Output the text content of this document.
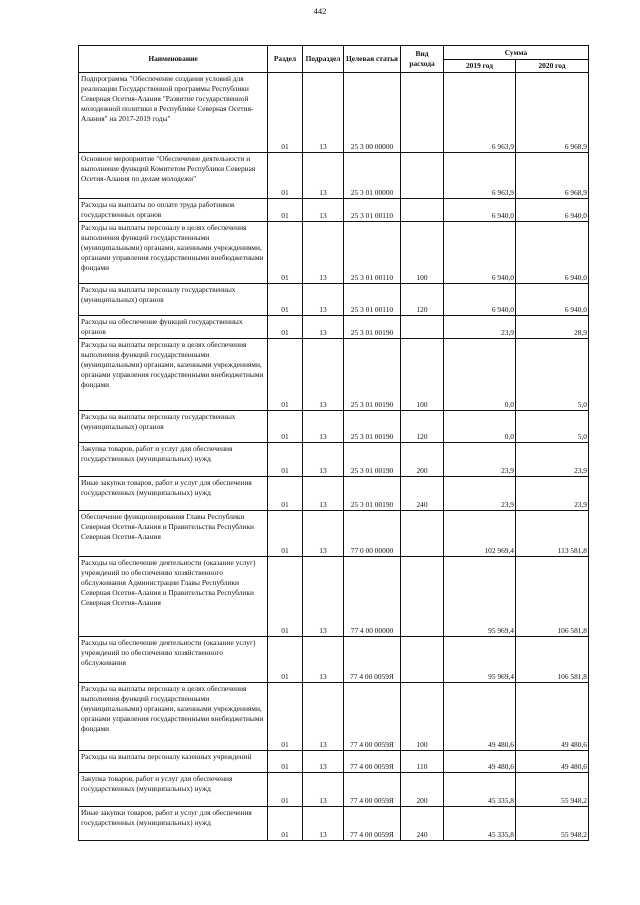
442
Наименование	Раздел	Подраздел	Целевая статья	Вид расхода	Сумма	
					2019 год	2020 год
Подпрограмма "Обеспечение создания условий для реализации Государственной программы Республики Северная Осетия-Алания "Развитие государственной молодежной политики в Республике Северная Осетия-Алания" на 2017-2019 годы"	01	13	25 3 00 00000		6 963,9	6 968,9
Основное мероприятие "Обеспечение деятельности и выполнение функций Комитетом Республики Северная Осетия-Алания по делам молодежи"	01	13	25 3 01 00000		6 963,9	6 968,9
Расходы на выплаты по оплате труда работников государственных органов	01	13	25 3 01 00110		6 940,0	6 940,0
Расходы на выплаты персоналу в целях обеспечения выполнения функций государственными (муниципальными) органами, казенными учреждениями, органами управления государственными внебюджетными фондами	01	13	25 3 01 00110	100	6 940,0	6 940,0
Расходы на выплаты персоналу государственных (муниципальных) органов	01	13	25 3 01 00110	120	6 940,0	6 940,0
Расходы на обеспечение функций государственных органов	01	13	25 3 01 00190		23,9	28,9
Расходы на выплаты персоналу в целях обеспечения выполнения функций государственными (муниципальными) органами, казенными учреждениями, органами управления государственными внебюджетными фондами	01	13	25 3 01 00190	100	0,0	5,0
Расходы на выплаты персоналу государственных (муниципальных) органов	01	13	25 3 01 00190	120	0,0	5,0
Закупка товаров, работ и услуг для обеспечения государственных (муниципальных) нужд	01	13	25 3 01 00190	200	23,9	23,9
Иные закупки товаров, работ и услуг для обеспечения государственных (муниципальных) нужд	01	13	25 3 01 00190	240	23,9	23,9
Обеспечение функционирования Главы Республики Северная Осетия-Алания и Правительства Республики Северная Осетия-Алания	01	13	77 0 00 00000		102 969,4	113 581,8
Расходы на обеспечение деятельности (оказание услуг) учреждений по обеспечению хозяйственного обслуживания Администрации Главы Республики Северная Осетия-Алания и Правительства Республики Северная Осетия-Алания	01	13	77 4 00 00000		95 969,4	106 581,8
Расходы на обеспечение деятельности (оказание услуг) учреждений по обеспечению хозяйственного обслуживания	01	13	77 4 00 0059Я		95 969,4	106 581,8
Расходы на выплаты персоналу в целях обеспечения выполнения функций государственными (муниципальными) органами, казенными учреждениями, органами управления государственными внебюджетными фондами	01	13	77 4 00 0059Я	100	49 480,6	49 480,6
Расходы на выплаты персоналу казенных учреждений	01	13	77 4 00 0059Я	110	49 480,6	49 480,6
Закупка товаров, работ и услуг для обеспечения государственных (муниципальных) нужд	01	13	77 4 00 0059Я	200	45 335,8	55 948,2
Иные закупки товаров, работ и услуг для обеспечения государственных (муниципальных) нужд	01	13	77 4 00 0059Я	240	45 335,8	55 948,2
